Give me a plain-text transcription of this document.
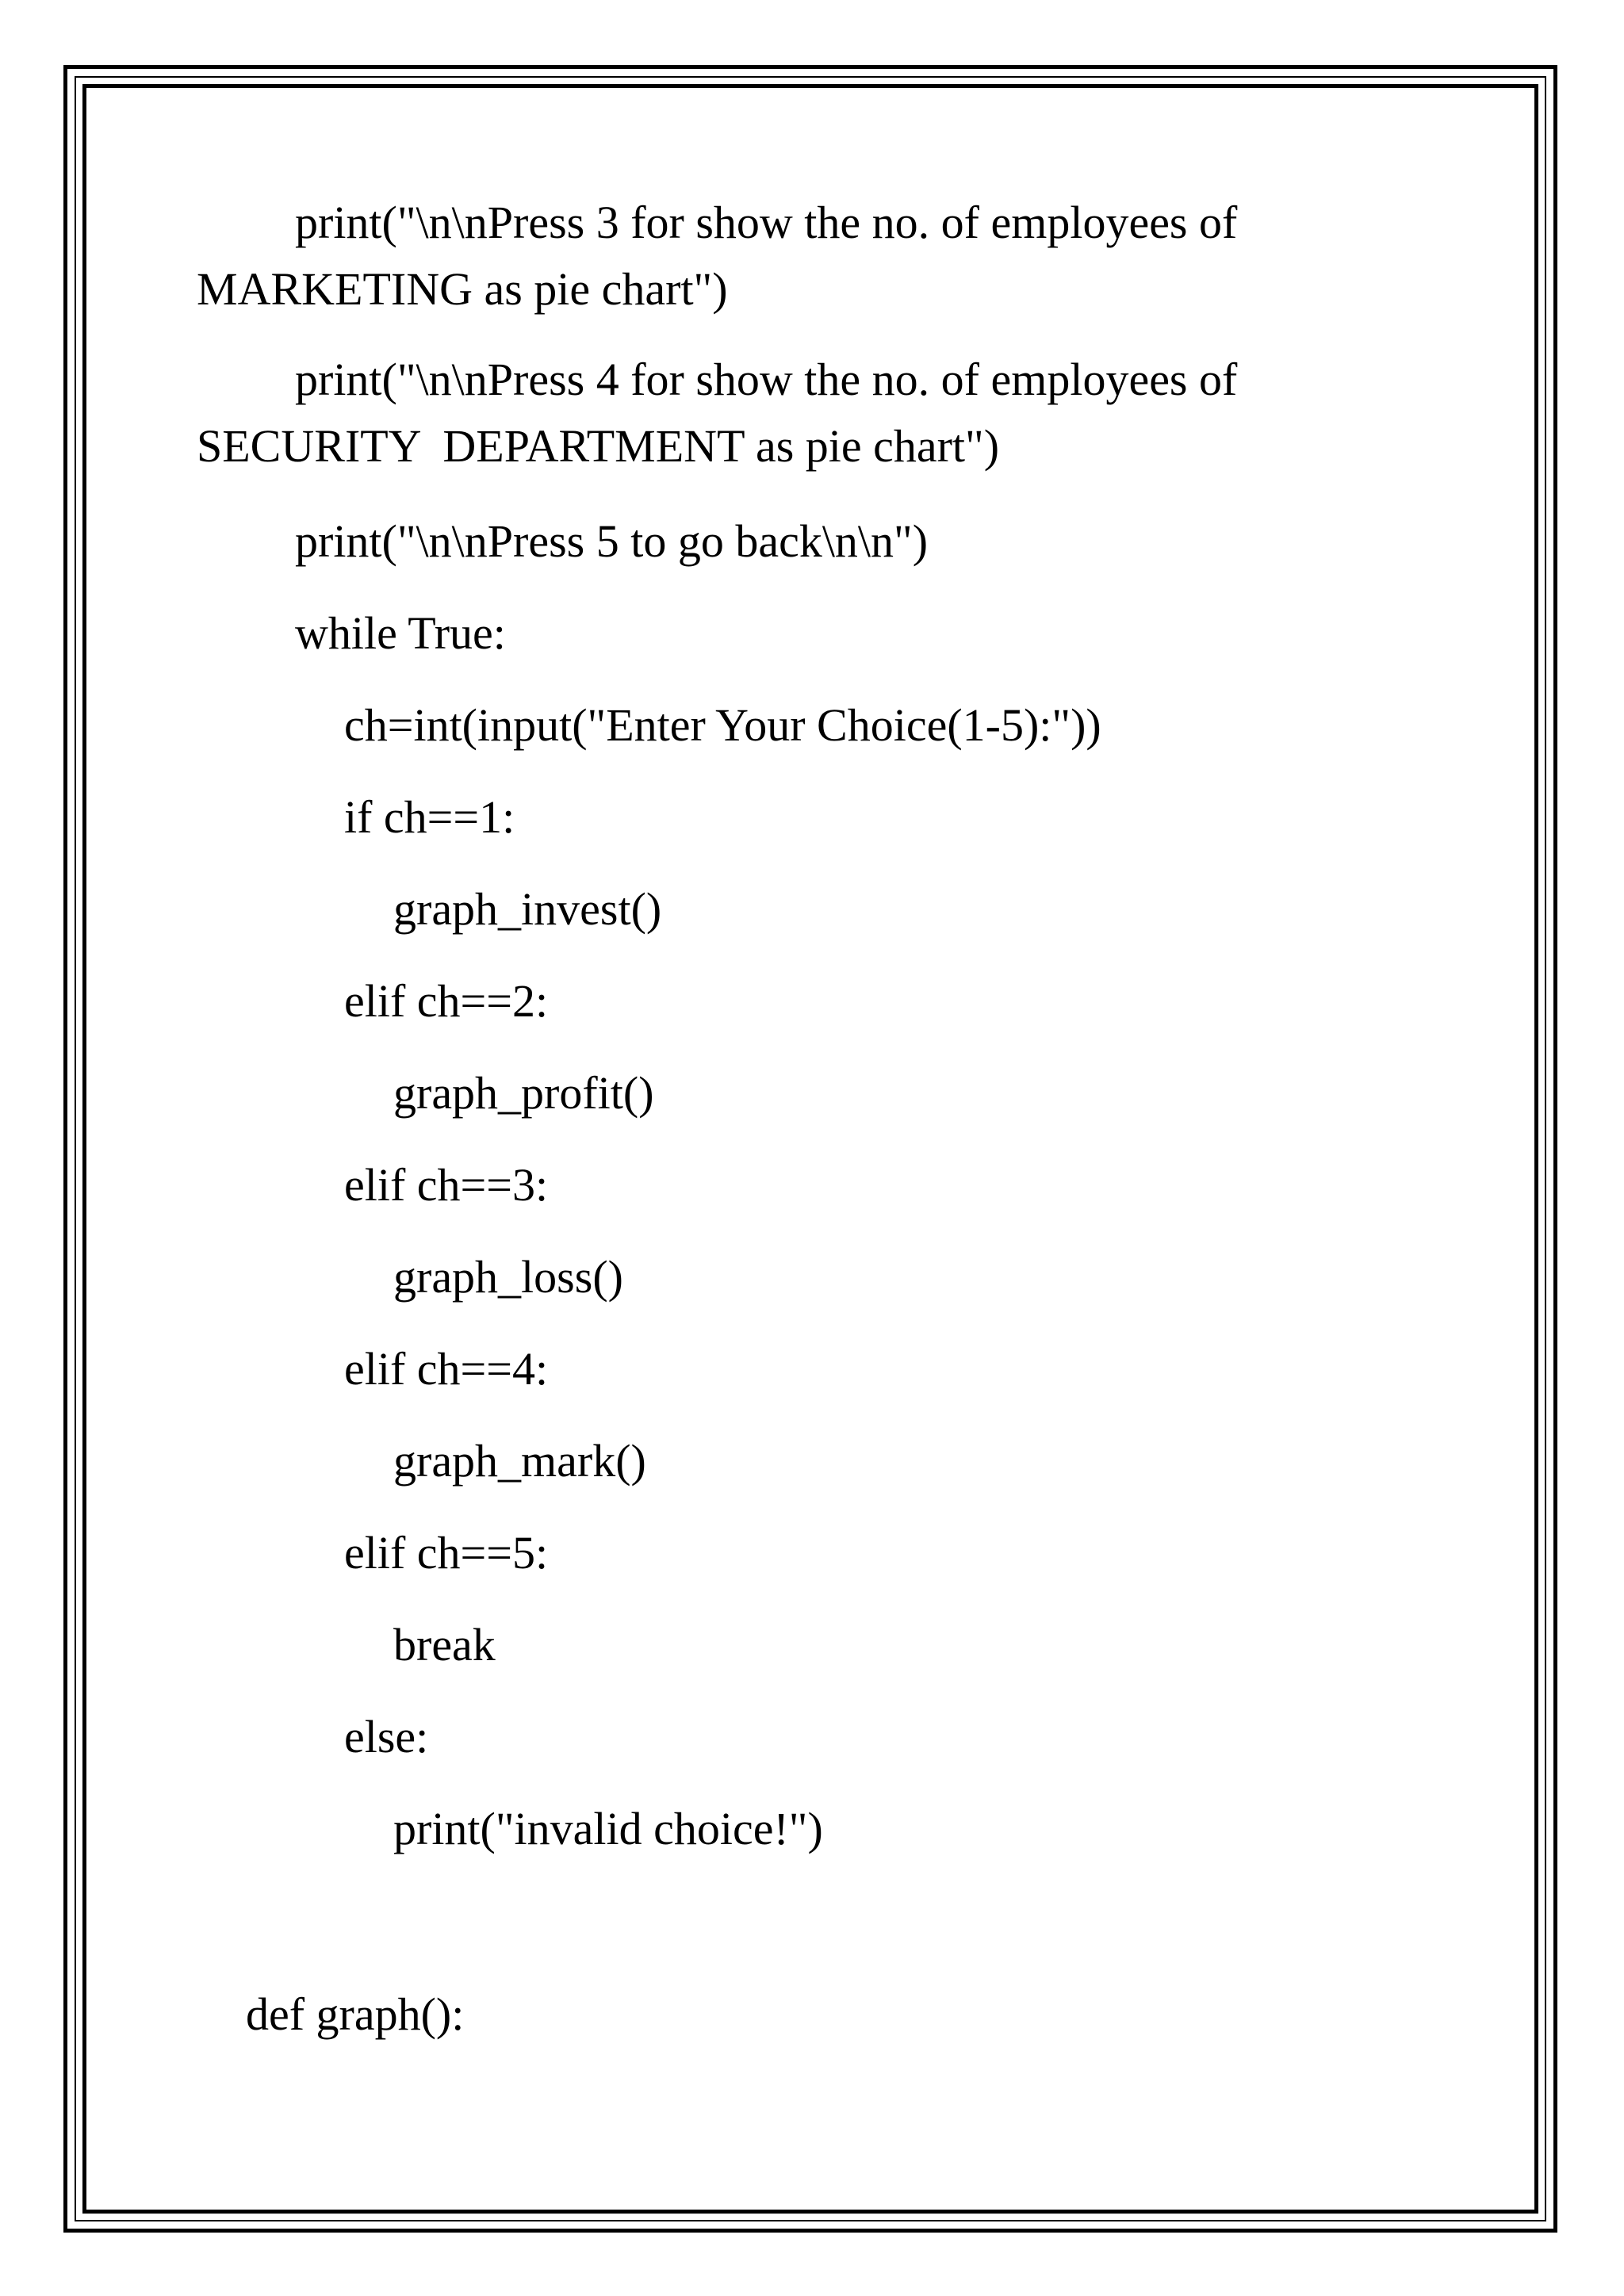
print("\n\nPress 3 for show the no. of employees of
MARKETING as pie chart")
print("\n\nPress 4 for show the no. of employees of
SECURITY  DEPARTMENT as pie chart")
print("\n\nPress 5 to go back\n\n")
while True:
ch=int(input("Enter Your Choice(1-5):"))
if ch==1:
graph_invest()
elif ch==2:
graph_profit()
elif ch==3:
graph_loss()
elif ch==4:
graph_mark()
elif ch==5:
break
else:
print("invalid choice!")
def graph():
